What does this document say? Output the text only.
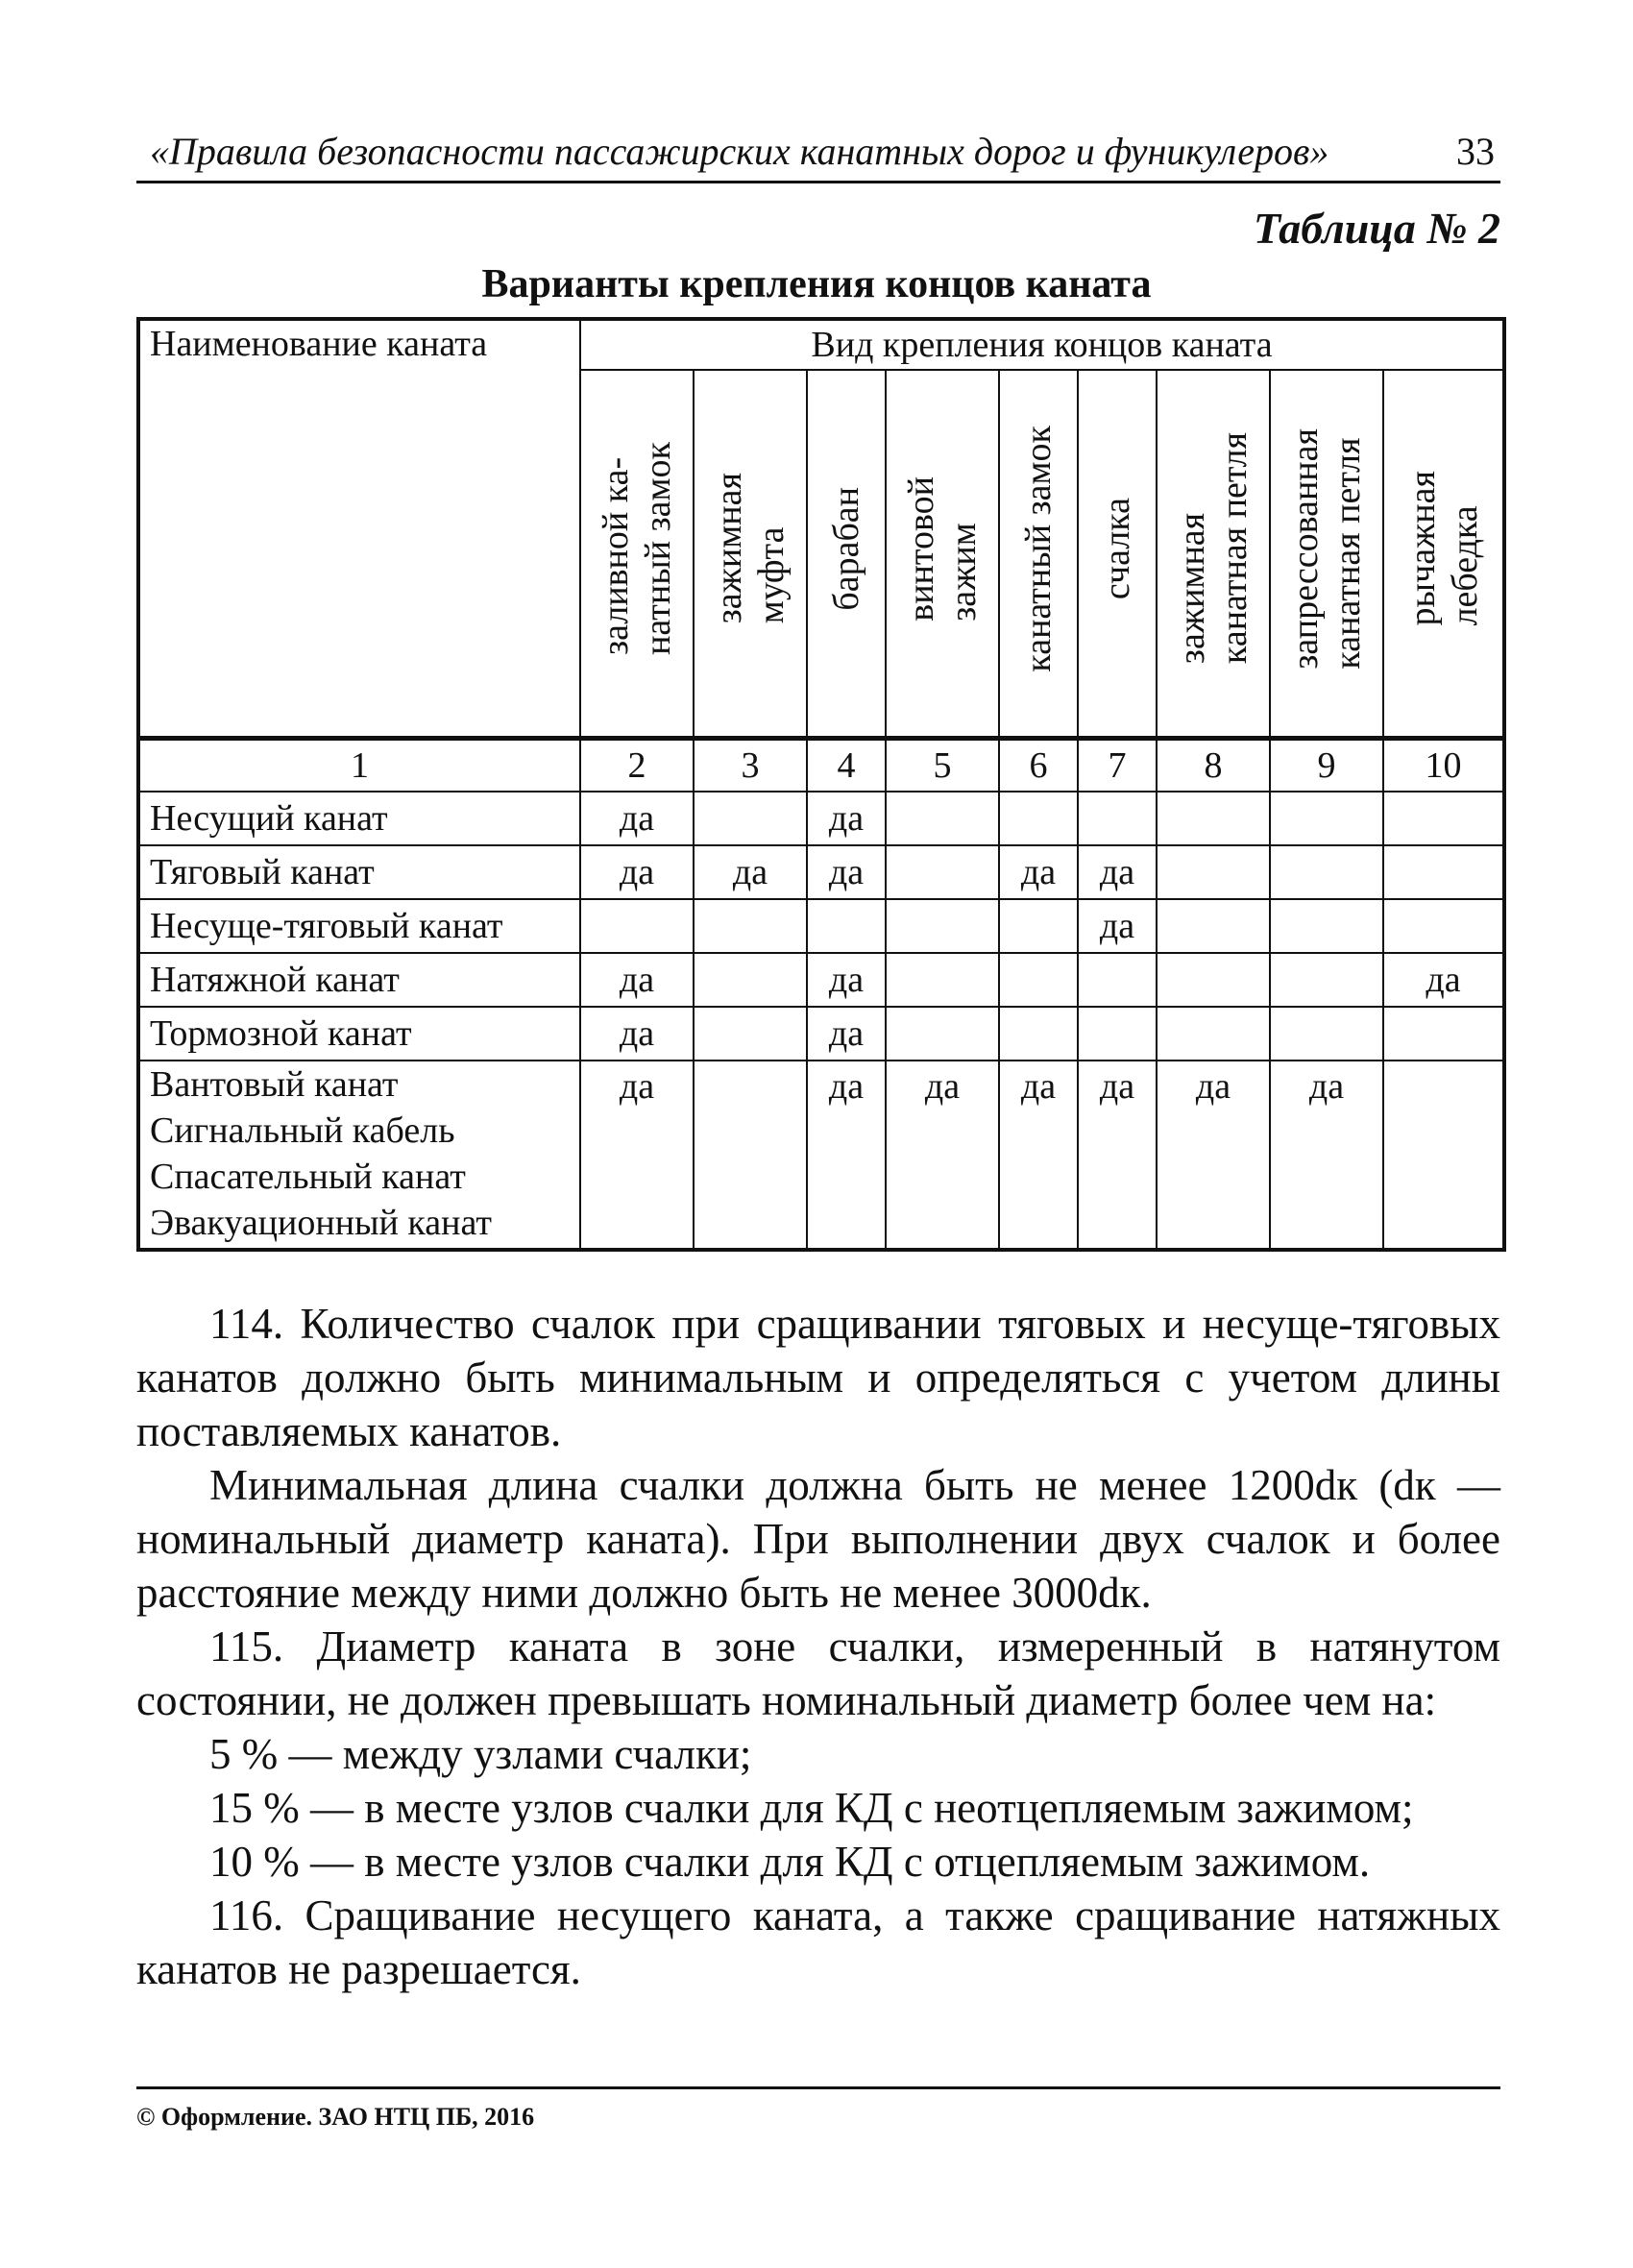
«Правила безопасности пассажирских канатных дорог и фуникулеров»	33
Таблица № 2
Варианты крепления концов каната
Наименование каната	Вид крепления концов каната								

	заливной ка- натный замок	зажимная муфта	барабан	винтовой зажим	канатный замок	счалка	зажимная канатная петля	запрессованная канатная петля	рычажная лебедка

1	2	3	4	5	6	7	8	9	10

Несущий канат	да		да						

Тяговый канат	да	да	да		да	да			

Несуще-тяговый канат						да			

Натяжной канат	да		да						да

Тормозной канат	да		да						

Вантовый канат
Сигнальный кабель
Спасательный канат
Эвакуационный канат	да		да	да	да	да	да	да	

114. Количество счалок при сращивании тяговых и несуще-тяговых канатов должно быть минимальным и определяться с учетом длины поставляемых канатов.

Минимальная длина счалки должна быть не менее 1200dк (dк — номинальный диаметр каната). При выполнении двух счалок и более расстояние между ними должно быть не менее 3000dк.

115. Диаметр каната в зоне счалки, измеренный в натянутом состоянии, не должен превышать номинальный диаметр более чем на:

5 % — между узлами счалки;

15 % — в месте узлов счалки для КД с неотцепляемым зажимом;

10 % — в месте узлов счалки для КД с отцепляемым зажимом.

116. Сращивание несущего каната, а также сращивание натяжных канатов не разрешается.

© Оформление. ЗАО НТЦ ПБ, 2016
